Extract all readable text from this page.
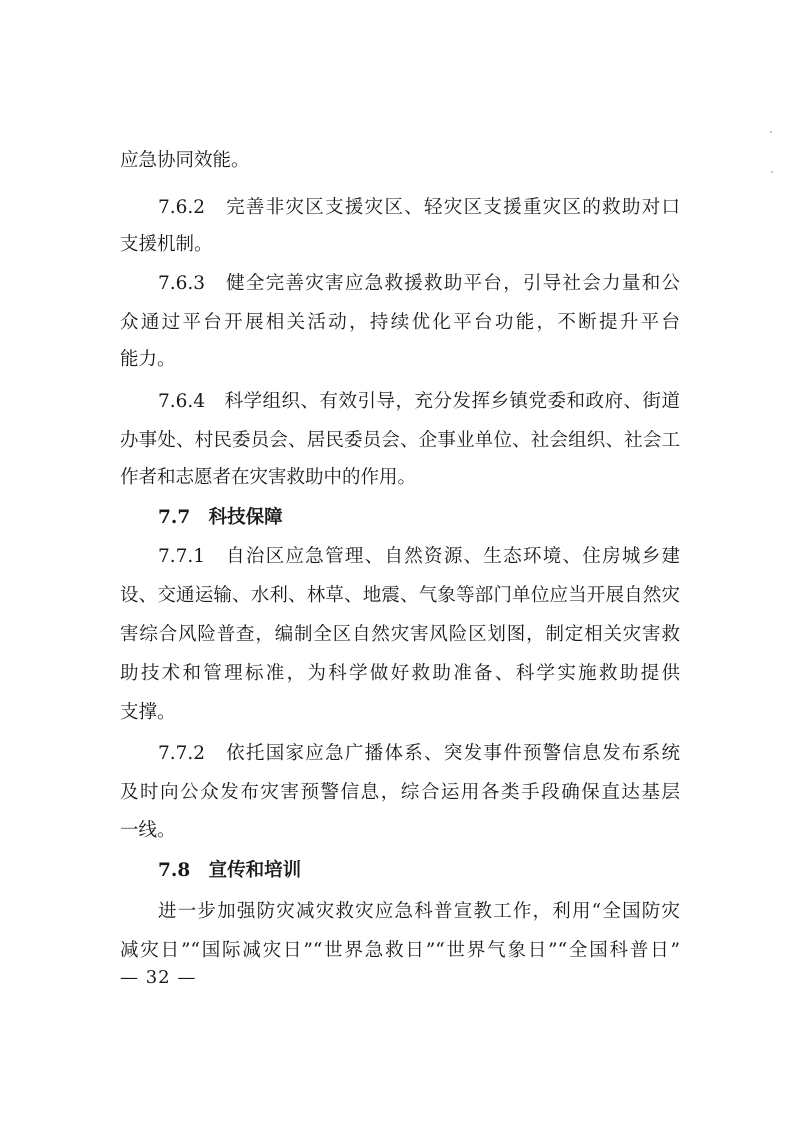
应急协同效能。
7.6.2　完善非灾区支援灾区、轻灾区支援重灾区的救助对口
支援机制。
7.6.3　健全完善灾害应急救援救助平台，引导社会力量和公
众通过平台开展相关活动，持续优化平台功能，不断提升平台
能力。
7.6.4　科学组织、有效引导，充分发挥乡镇党委和政府、街道
办事处、村民委员会、居民委员会、企事业单位、社会组织、社会工
作者和志愿者在灾害救助中的作用。
7.7　科技保障
7.7.1　自治区应急管理、自然资源、生态环境、住房城乡建
设、交通运输、水利、林草、地震、气象等部门单位应当开展自然灾
害综合风险普查，编制全区自然灾害风险区划图，制定相关灾害救
助技术和管理标准，为科学做好救助准备、科学实施救助提供
支撑。
7.7.2　依托国家应急广播体系、突发事件预警信息发布系统
及时向公众发布灾害预警信息，综合运用各类手段确保直达基层
一线。
7.8　宣传和培训
进一步加强防灾减灾救灾应急科普宣教工作，利用“全国防灾
减灾日”“国际减灾日”“世界急救日”“世界气象日”“全国科普日”
— 32 —
